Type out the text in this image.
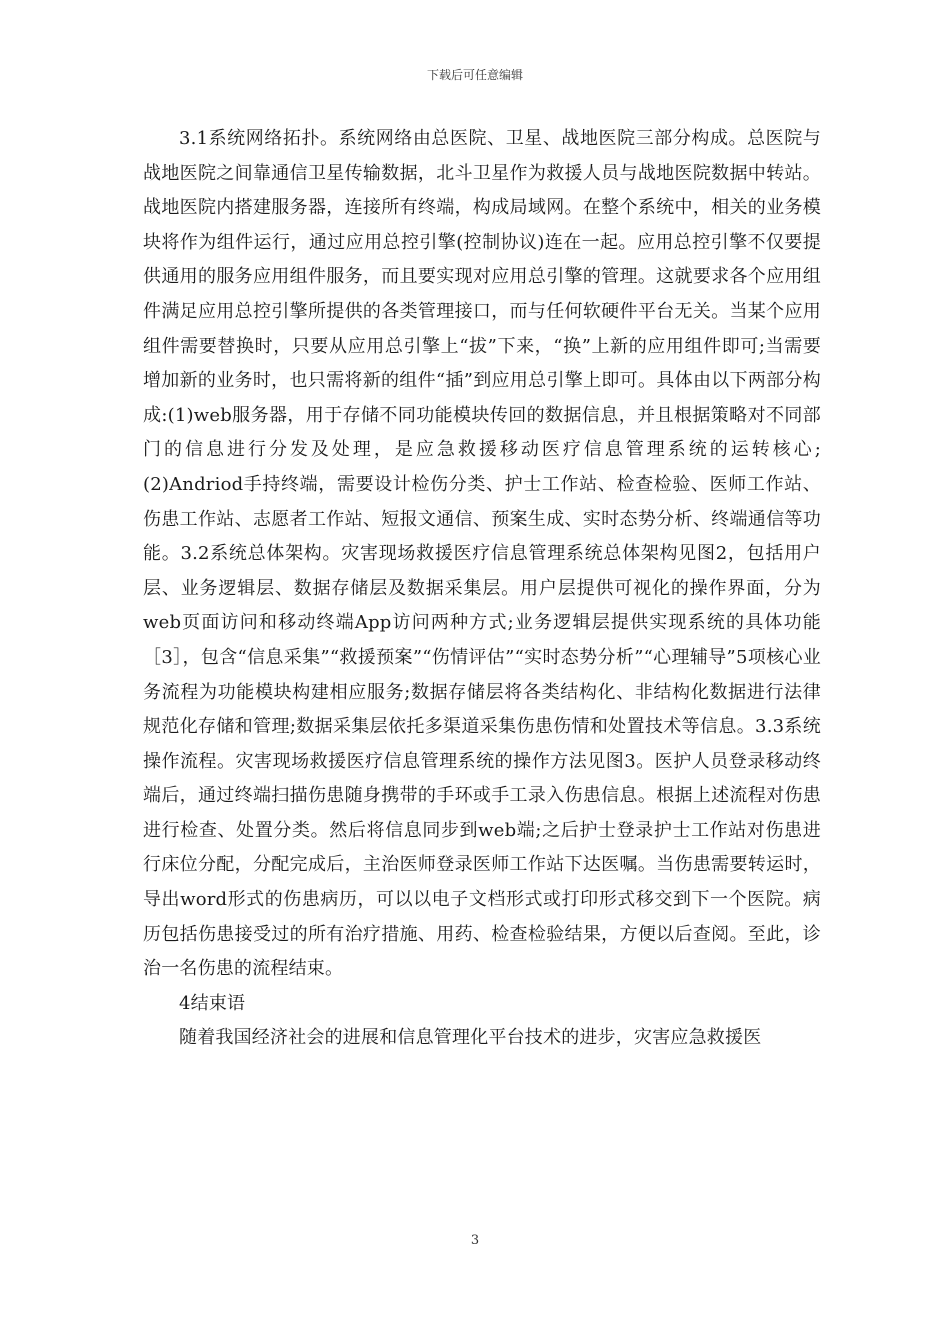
下载后可任意编辑

3.1系统网络拓扑。系统网络由总医院、卫星、战地医院三部分构成。总医院与战地医院之间靠通信卫星传输数据，北斗卫星作为救援人员与战地医院数据中转站。战地医院内搭建服务器，连接所有终端，构成局域网。在整个系统中，相关的业务模块将作为组件运行，通过应用总控引擎(控制协议)连在一起。应用总控引擎不仅要提供通用的服务应用组件服务，而且要实现对应用总引擎的管理。这就要求各个应用组件满足应用总控引擎所提供的各类管理接口，而与任何软硬件平台无关。当某个应用组件需要替换时，只要从应用总引擎上“拔”下来，“换”上新的应用组件即可;当需要增加新的业务时，也只需将新的组件“插”到应用总引擎上即可。具体由以下两部分构成:(1)web服务器，用于存储不同功能模块传回的数据信息，并且根据策略对不同部门的信息进行分发及处理，是应急救援移动医疗信息管理系统的运转核心;(2)Andriod手持终端，需要设计检伤分类、护士工作站、检查检验、医师工作站、伤患工作站、志愿者工作站、短报文通信、预案生成、实时态势分析、终端通信等功能。3.2系统总体架构。灾害现场救援医疗信息管理系统总体架构见图2，包括用户层、业务逻辑层、数据存储层及数据采集层。用户层提供可视化的操作界面，分为web页面访问和移动终端App访问两种方式;业务逻辑层提供实现系统的具体功能［3］，包含“信息采集”“救援预案”“伤情评估”“实时态势分析”“心理辅导”5项核心业务流程为功能模块构建相应服务;数据存储层将各类结构化、非结构化数据进行法律规范化存储和管理;数据采集层依托多渠道采集伤患伤情和处置技术等信息。3.3系统操作流程。灾害现场救援医疗信息管理系统的操作方法见图3。医护人员登录移动终端后，通过终端扫描伤患随身携带的手环或手工录入伤患信息。根据上述流程对伤患进行检查、处置分类。然后将信息同步到web端;之后护士登录护士工作站对伤患进行床位分配，分配完成后，主治医师登录医师工作站下达医嘱。当伤患需要转运时，导出word形式的伤患病历，可以以电子文档形式或打印形式移交到下一个医院。病历包括伤患接受过的所有治疗措施、用药、检查检验结果，方便以后查阅。至此，诊治一名伤患的流程结束。

4结束语

随着我国经济社会的进展和信息管理化平台技术的进步，灾害应急救援医

3
